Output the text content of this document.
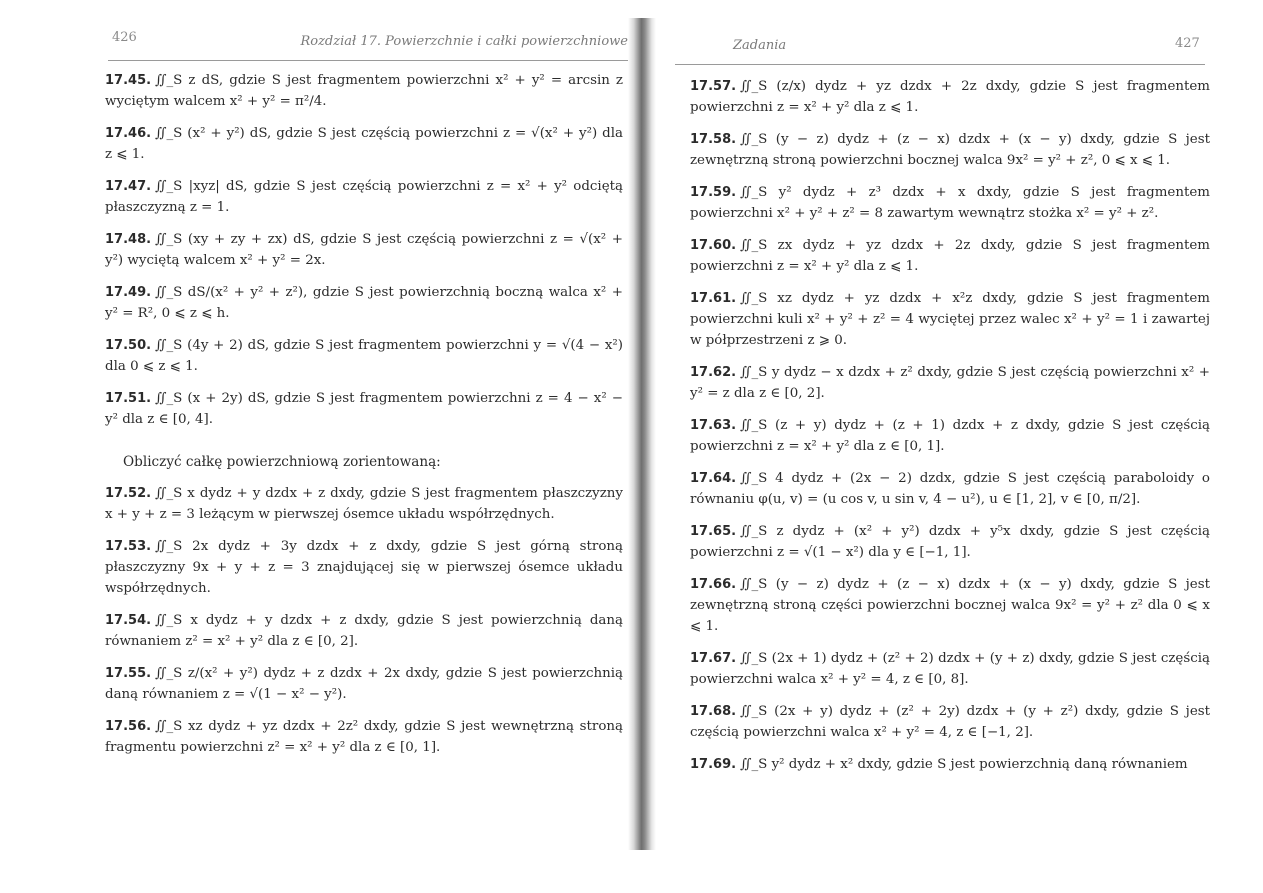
426	Rozdział 17. Powierzchnie i całki powierzchniowe
17.45. ∬_S z dS, gdzie S jest fragmentem powierzchni x² + y² = arcsin z wyciętym walcem x² + y² = π²/4.
17.46. ∬_S (x² + y²) dS, gdzie S jest częścią powierzchni z = √(x² + y²) dla z ⩽ 1.
17.47. ∬_S |xyz| dS, gdzie S jest częścią powierzchni z = x² + y² odciętą płaszczyzną z = 1.
17.48. ∬_S (xy + zy + zx) dS, gdzie S jest częścią powierzchni z = √(x² + y²) wyciętą walcem x² + y² = 2x.
17.49. ∬_S dS/(x² + y² + z²), gdzie S jest powierzchnią boczną walca x² + y² = R², 0 ⩽ z ⩽ h.
17.50. ∬_S (4y + 2) dS, gdzie S jest fragmentem powierzchni y = √(4 − x²) dla 0 ⩽ z ⩽ 1.
17.51. ∬_S (x + 2y) dS, gdzie S jest fragmentem powierzchni z = 4 − x² − y² dla z ∈ [0, 4].
Obliczyć całkę powierzchniową zorientowaną:
17.52. ∬_S x dydz + y dzdx + z dxdy, gdzie S jest fragmentem płaszczyzny x + y + z = 3 leżącym w pierwszej ósemce układu współrzędnych.
17.53. ∬_S 2x dydz + 3y dzdx + z dxdy, gdzie S jest górną stroną płaszczyzny 9x + y + z = 3 znajdującej się w pierwszej ósemce układu współrzędnych.
17.54. ∬_S x dydz + y dzdx + z dxdy, gdzie S jest powierzchnią daną równaniem z² = x² + y² dla z ∈ [0, 2].
17.55. ∬_S z/(x² + y²) dydz + z dzdx + 2x dxdy, gdzie S jest powierzchnią daną równaniem z = √(1 − x² − y²).
17.56. ∬_S xz dydz + yz dzdx + 2z² dxdy, gdzie S jest wewnętrzną stroną fragmentu powierzchni z² = x² + y² dla z ∈ [0, 1].
Zadania	427
17.57. ∬_S (z/x) dydz + yz dzdx + 2z dxdy, gdzie S jest fragmentem powierzchni z = x² + y² dla z ⩽ 1.
17.58. ∬_S (y − z) dydz + (z − x) dzdx + (x − y) dxdy, gdzie S jest zewnętrzną stroną powierzchni bocznej walca 9x² = y² + z², 0 ⩽ x ⩽ 1.
17.59. ∬_S y² dydz + z³ dzdx + x dxdy, gdzie S jest fragmentem powierzchni x² + y² + z² = 8 zawartym wewnątrz stożka x² = y² + z².
17.60. ∬_S zx dydz + yz dzdx + 2z dxdy, gdzie S jest fragmentem powierzchni z = x² + y² dla z ⩽ 1.
17.61. ∬_S xz dydz + yz dzdx + x²z dxdy, gdzie S jest fragmentem powierzchni kuli x² + y² + z² = 4 wyciętej przez walec x² + y² = 1 i zawartej w półprzestrzeni z ⩾ 0.
17.62. ∬_S y dydz − x dzdx + z² dxdy, gdzie S jest częścią powierzchni x² + y² = z dla z ∈ [0, 2].
17.63. ∬_S (z + y) dydz + (z + 1) dzdx + z dxdy, gdzie S jest częścią powierzchni z = x² + y² dla z ∈ [0, 1].
17.64. ∬_S 4 dydz + (2x − 2) dzdx, gdzie S jest częścią paraboloidy o równaniu φ(u, v) = (u cos v, u sin v, 4 − u²), u ∈ [1, 2], v ∈ [0, π/2].
17.65. ∬_S z dydz + (x² + y²) dzdx + y⁵x dxdy, gdzie S jest częścią powierzchni z = √(1 − x²) dla y ∈ [−1, 1].
17.66. ∬_S (y − z) dydz + (z − x) dzdx + (x − y) dxdy, gdzie S jest zewnętrzną stroną części powierzchni bocznej walca 9x² = y² + z² dla 0 ⩽ x ⩽ 1.
17.67. ∬_S (2x + 1) dydz + (z² + 2) dzdx + (y + z) dxdy, gdzie S jest częścią powierzchni walca x² + y² = 4, z ∈ [0, 8].
17.68. ∬_S (2x + y) dydz + (z² + 2y) dzdx + (y + z²) dxdy, gdzie S jest częścią powierzchni walca x² + y² = 4, z ∈ [−1, 2].
17.69. ∬_S y² dydz + x² dxdy, gdzie S jest powierzchnią daną równaniem
